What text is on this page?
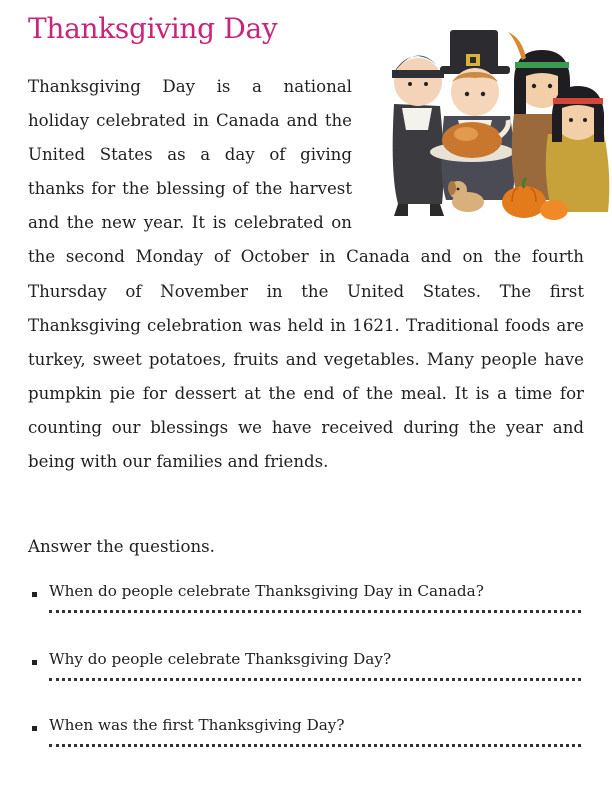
Thanksgiving Day

Thanksgiving Day is a national holiday celebrated in Canada and the United States as a day of giving thanks for the blessing of the harvest and the new year. It is celebrated on the second Monday of October in Canada and on the fourth Thursday of November in the United States. The first Thanksgiving celebration was held in 1621. Traditional foods are turkey, sweet potatoes, fruits and vegetables. Many people have pumpkin pie for dessert at the end of the meal. It is a time for counting our blessings we have received during the year and being with our families and friends.

Answer the questions.
When do people celebrate Thanksgiving Day in Canada?
Why do people celebrate Thanksgiving Day?
When was the first Thanksgiving Day?
